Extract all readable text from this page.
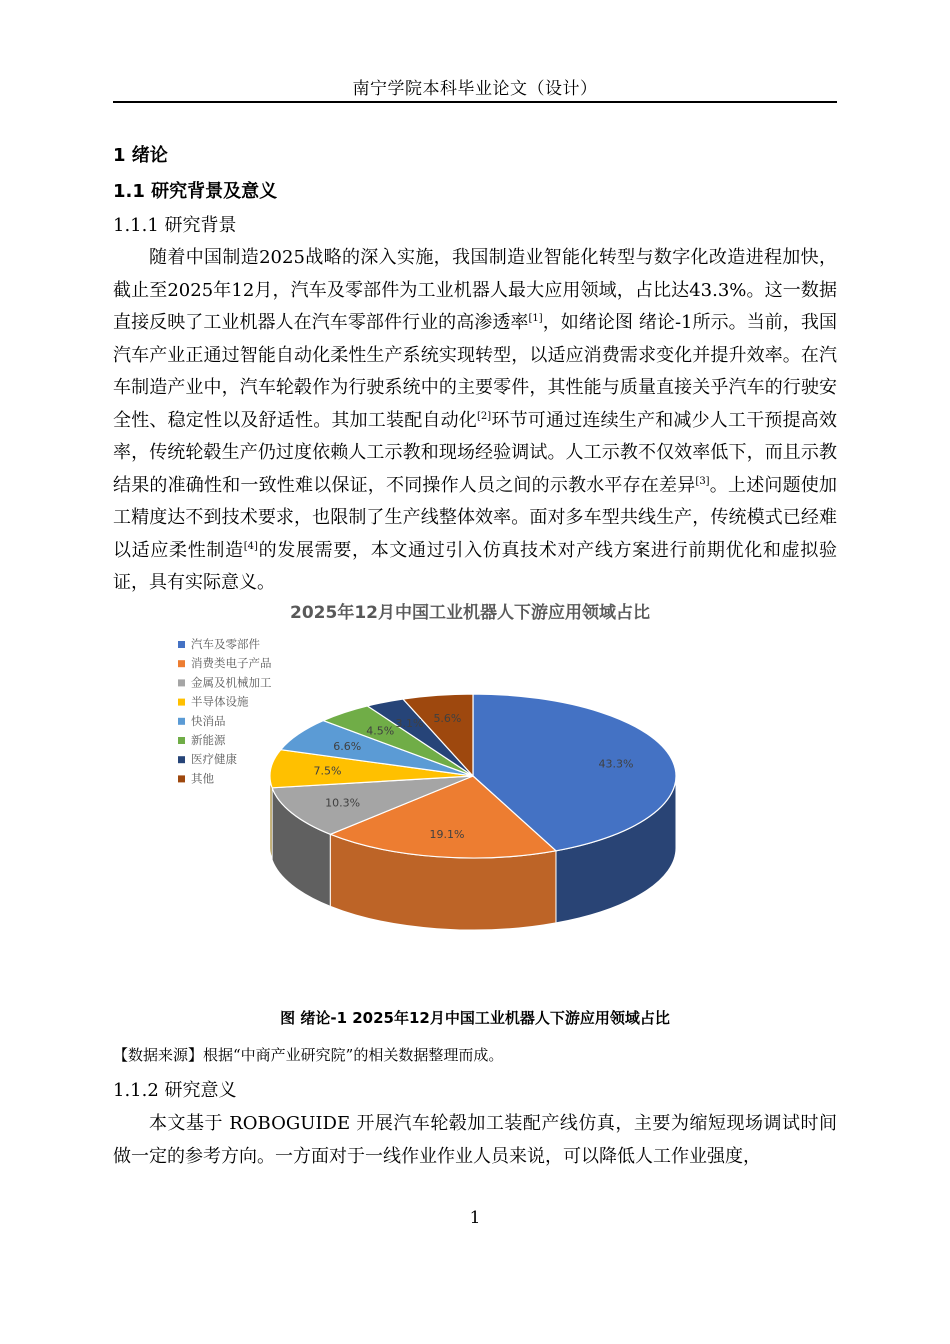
南宁学院本科毕业论文（设计）
1 绪论
1.1 研究背景及意义
1.1.1 研究背景
随着中国制造2025战略的深入实施，我国制造业智能化转型与数字化改造进程加快，截止至2025年12月，汽车及零部件为工业机器人最大应用领域，占比达43.3%。这一数据直接反映了工业机器人在汽车零部件行业的高渗透率[1]，如绪论图 绪论-1所示。当前，我国汽车产业正通过智能自动化柔性生产系统实现转型，以适应消费需求变化并提升效率。在汽车制造产业中，汽车轮毂作为行驶系统中的主要零件，其性能与质量直接关乎汽车的行驶安全性、稳定性以及舒适性。其加工装配自动化[2]环节可通过连续生产和减少人工干预提高效率，传统轮毂生产仍过度依赖人工示教和现场经验调试。人工示教不仅效率低下，而且示教结果的准确性和一致性难以保证，不同操作人员之间的示教水平存在差异[3]。上述问题使加工精度达不到技术要求，也限制了生产线整体效率。面对多车型共线生产，传统模式已经难以适应柔性制造[4]的发展需要，本文通过引入仿真技术对产线方案进行前期优化和虚拟验证，具有实际意义。
2025年12月中国工业机器人下游应用领域占比
汽车及零部件
消费类电子产品
金属及机械加工
半导体设施
快消品
新能源
医疗健康
其他
43.3%
19.1%
10.3%
7.5%
6.6%
4.5%
3.1% 5.6%
图 绪论-1 2025年12月中国工业机器人下游应用领域占比
【数据来源】根据“中商产业研究院”的相关数据整理而成。
1.1.2 研究意义
本文基于 ROBOGUIDE 开展汽车轮毂加工装配产线仿真，主要为缩短现场调试时间做一定的参考方向。一方面对于一线作业作业人员来说，可以降低人工作业强度，
1
